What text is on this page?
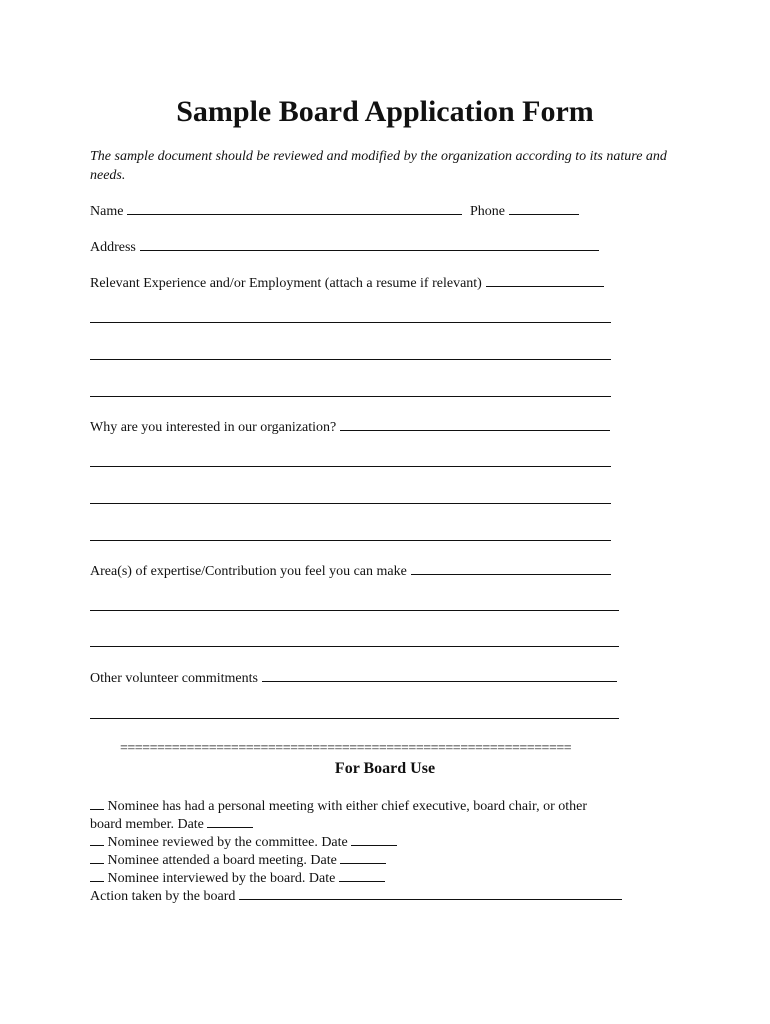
Sample Board Application Form
The sample document should be reviewed and modified by the organization according to its nature and needs.
Name	Phone
Address
Relevant Experience and/or Employment (attach a resume if relevant)
Why are you interested in our organization?
Area(s) of expertise/Contribution you feel you can make
Other volunteer commitments
=============================================================
For Board Use
Nominee has had a personal meeting with either chief executive, board chair, or other
board member. Date
Nominee reviewed by the committee. Date
Nominee attended a board meeting. Date
Nominee interviewed by the board. Date
Action taken by the board
